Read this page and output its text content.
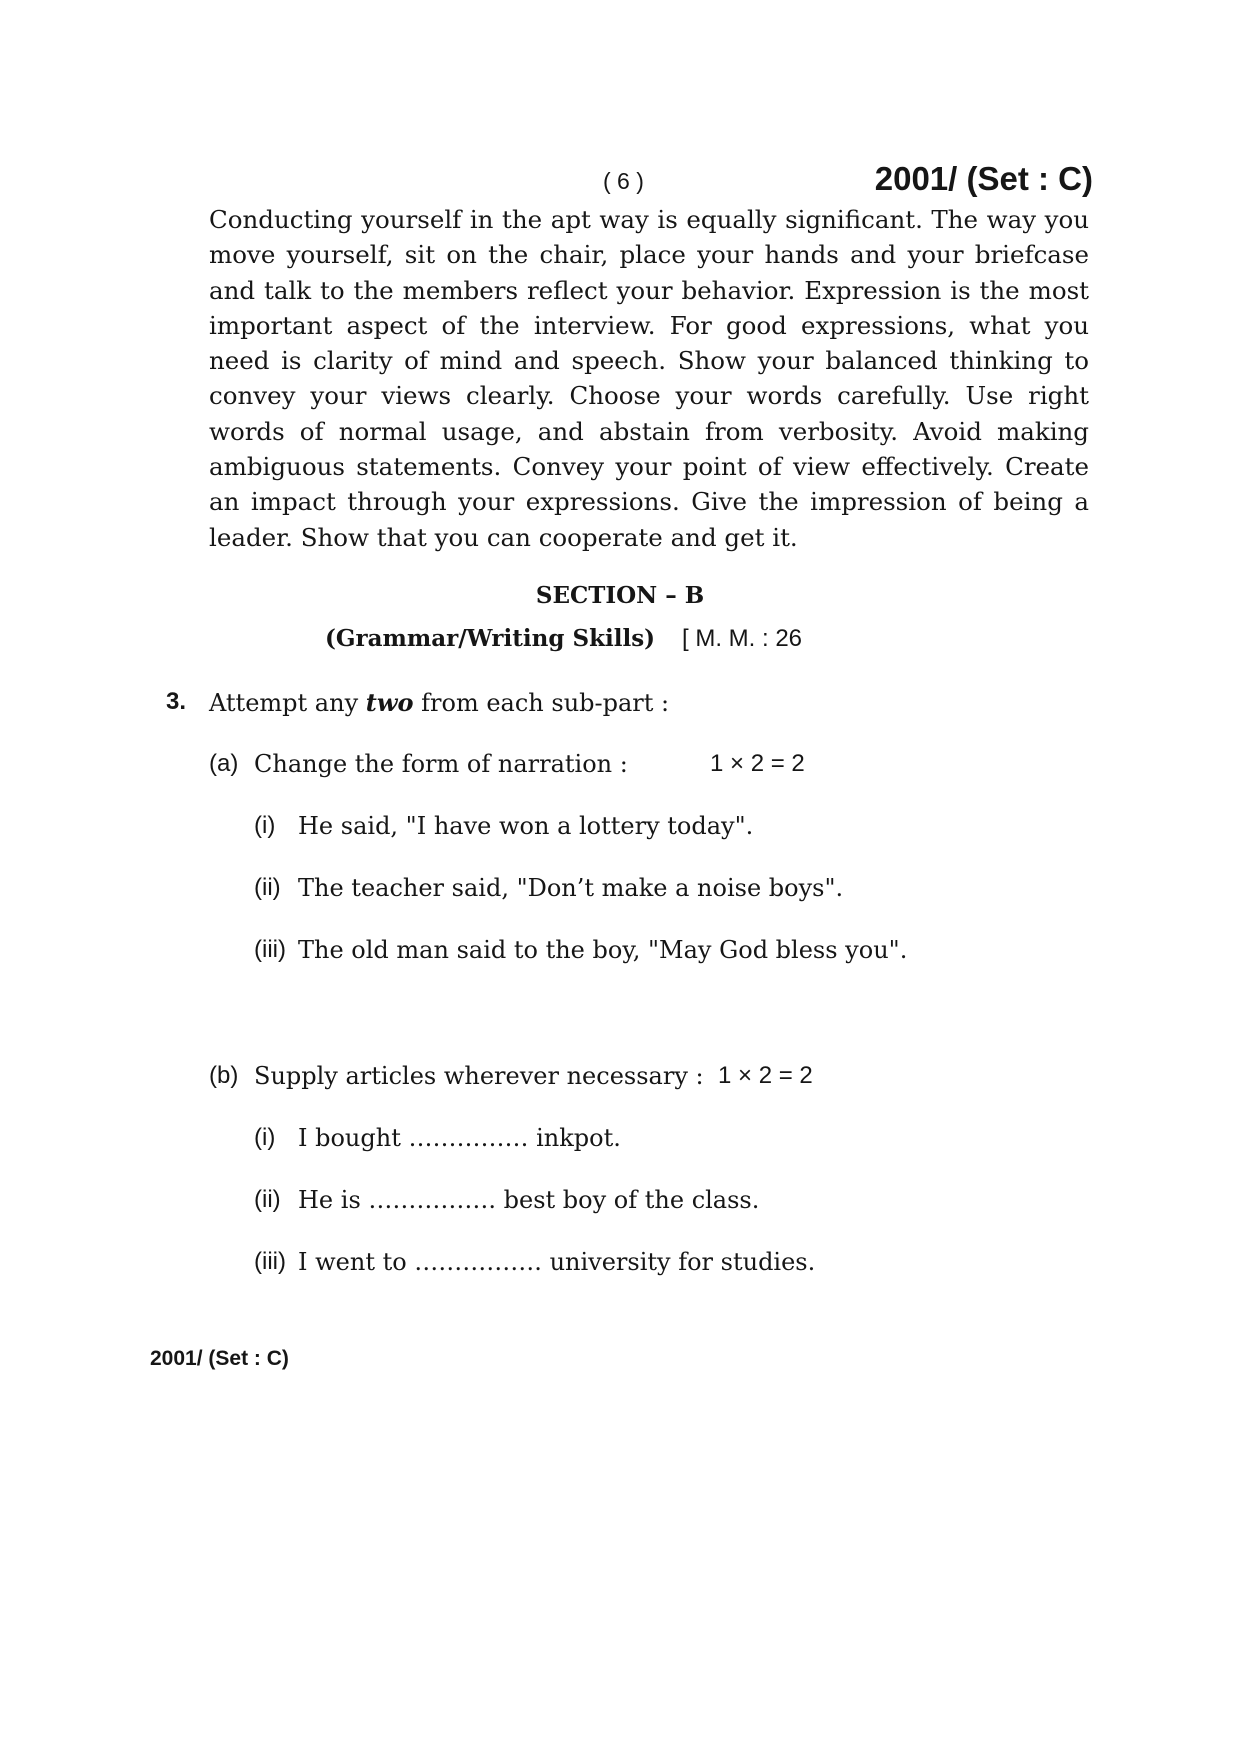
( 6 )	2001/ (Set : C)

Conducting yourself in the apt way is equally significant. The way you move yourself, sit on the chair, place your hands and your briefcase and talk to the members reflect your behavior. Expression is the most important aspect of the interview. For good expressions, what you need is clarity of mind and speech. Show your balanced thinking to convey your views clearly. Choose your words carefully. Use right words of normal usage, and abstain from verbosity. Avoid making ambiguous statements. Convey your point of view effectively. Create an impact through your expressions. Give the impression of being a leader. Show that you can cooperate and get it.

SECTION – B
(Grammar/Writing Skills) [ M. M. : 26
3. Attempt any two from each sub-part :
(a) Change the form of narration :	1 × 2 = 2
(i) He said, "I have won a lottery today".
(ii) The teacher said, "Don’t make a noise boys".
(iii) The old man said to the boy, "May God bless you".
(b) Supply articles wherever necessary : 1 × 2 = 2
(i) I bought …………… inkpot.
(ii) He is ……………. best boy of the class.
(iii) I went to ……………. university for studies.
2001/ (Set : C)
